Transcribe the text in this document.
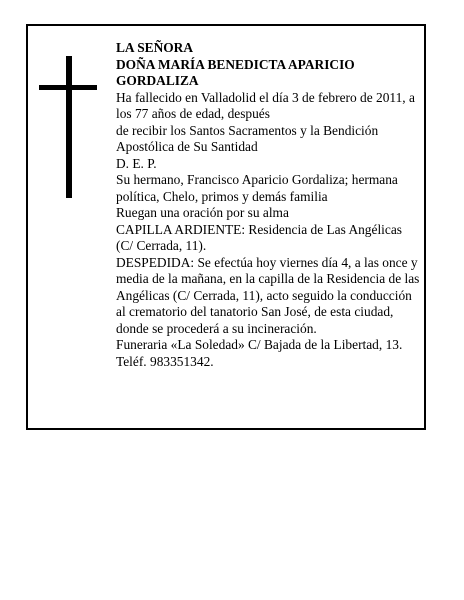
LA SEÑORA
DOÑA MARÍA BENEDICTA APARICIO GORDALIZA
Ha fallecido en Valladolid el día 3 de febrero de 2011, a los 77 años de edad, después
de recibir los Santos Sacramentos y la Bendición Apostólica de Su Santidad
D. E. P.
Su hermano, Francisco Aparicio Gordaliza; hermana política, Chelo, primos y demás familia
Ruegan una oración por su alma
CAPILLA ARDIENTE: Residencia de Las Angélicas (C/ Cerrada, 11).
DESPEDIDA: Se efectúa hoy viernes día 4, a las once y media de la mañana, en la capilla de la Residencia de las Angélicas (C/ Cerrada, 11), acto seguido la conducción al crematorio del tanatorio San José, de esta ciudad, donde se procederá a su incineración.
Funeraria «La Soledad» C/ Bajada de la Libertad, 13. Teléf. 983351342.
